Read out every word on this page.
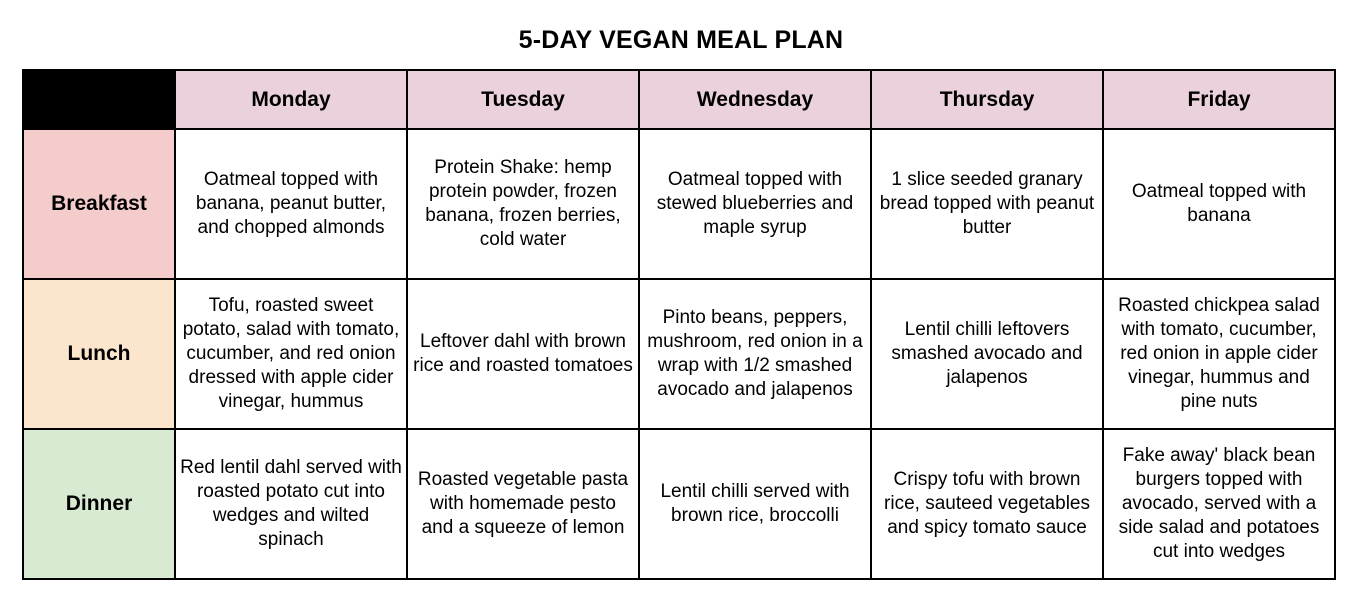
5-DAY VEGAN MEAL PLAN
	Monday	Tuesday	Wednesday	Thursday	Friday
Breakfast	Oatmeal topped with banana, peanut butter, and chopped almonds	Protein Shake: hemp protein powder, frozen banana, frozen berries, cold water	Oatmeal topped with stewed blueberries and maple syrup	1 slice seeded granary bread topped with peanut butter	Oatmeal topped with banana
Lunch	Tofu, roasted sweet potato, salad with tomato, cucumber, and red onion dressed with apple cider vinegar, hummus	Leftover dahl with brown rice and roasted tomatoes	Pinto beans, peppers, mushroom, red onion in a wrap with 1/2 smashed avocado and jalapenos	Lentil chilli leftovers smashed avocado and jalapenos	Roasted chickpea salad with tomato, cucumber, red onion in apple cider vinegar, hummus and pine nuts
Dinner	Red lentil dahl served with roasted potato cut into wedges and wilted spinach	Roasted vegetable pasta with homemade pesto and a squeeze of lemon	Lentil chilli served with brown rice, broccolli	Crispy tofu with brown rice, sauteed vegetables and spicy tomato sauce	Fake away' black bean burgers topped with avocado, served with a side salad and potatoes cut into wedges
